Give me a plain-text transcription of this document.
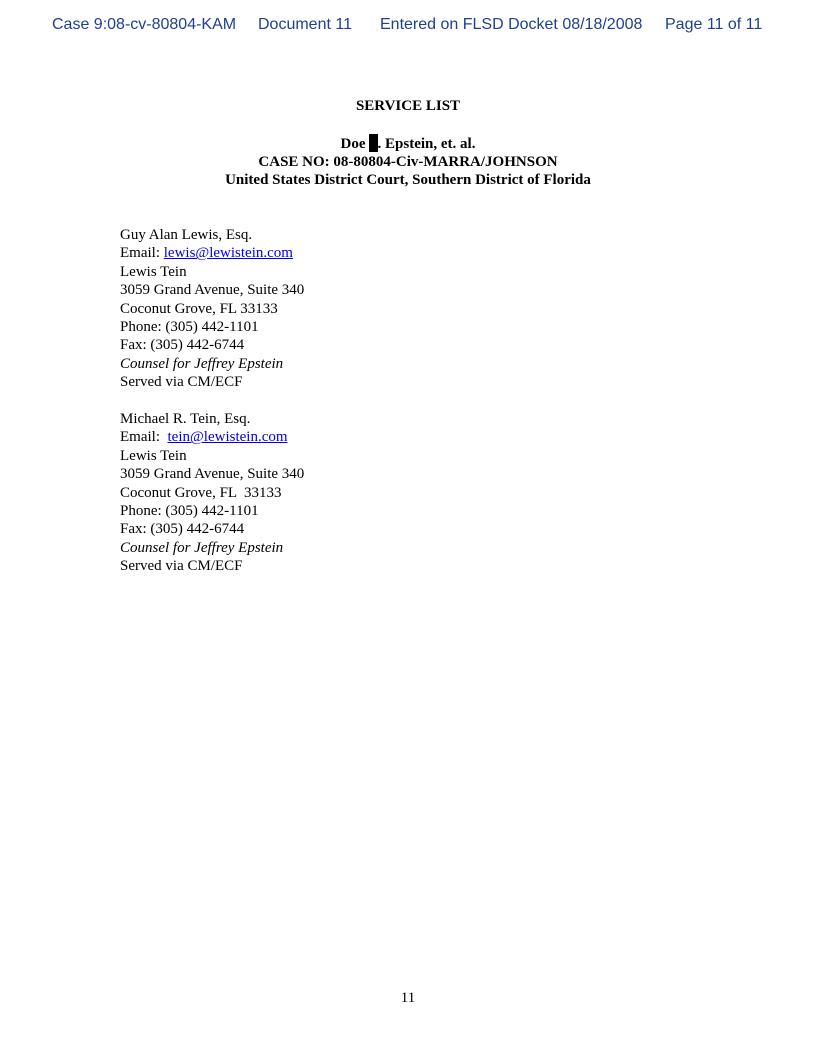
Case 9:08-cv-80804-KAM Document 11 Entered on FLSD Docket 08/18/2008 Page 11 of 11
SERVICE LIST
Doe . Epstein, et. al.
CASE NO: 08-80804-Civ-MARRA/JOHNSON
United States District Court, Southern District of Florida
Guy Alan Lewis, Esq.
Email: lewis@lewistein.com
Lewis Tein
3059 Grand Avenue, Suite 340
Coconut Grove, FL 33133
Phone: (305) 442-1101
Fax: (305) 442-6744
Counsel for Jeffrey Epstein
Served via CM/ECF
Michael R. Tein, Esq.
Email:  tein@lewistein.com
Lewis Tein
3059 Grand Avenue, Suite 340
Coconut Grove, FL  33133
Phone: (305) 442-1101
Fax: (305) 442-6744
Counsel for Jeffrey Epstein
Served via CM/ECF
11
